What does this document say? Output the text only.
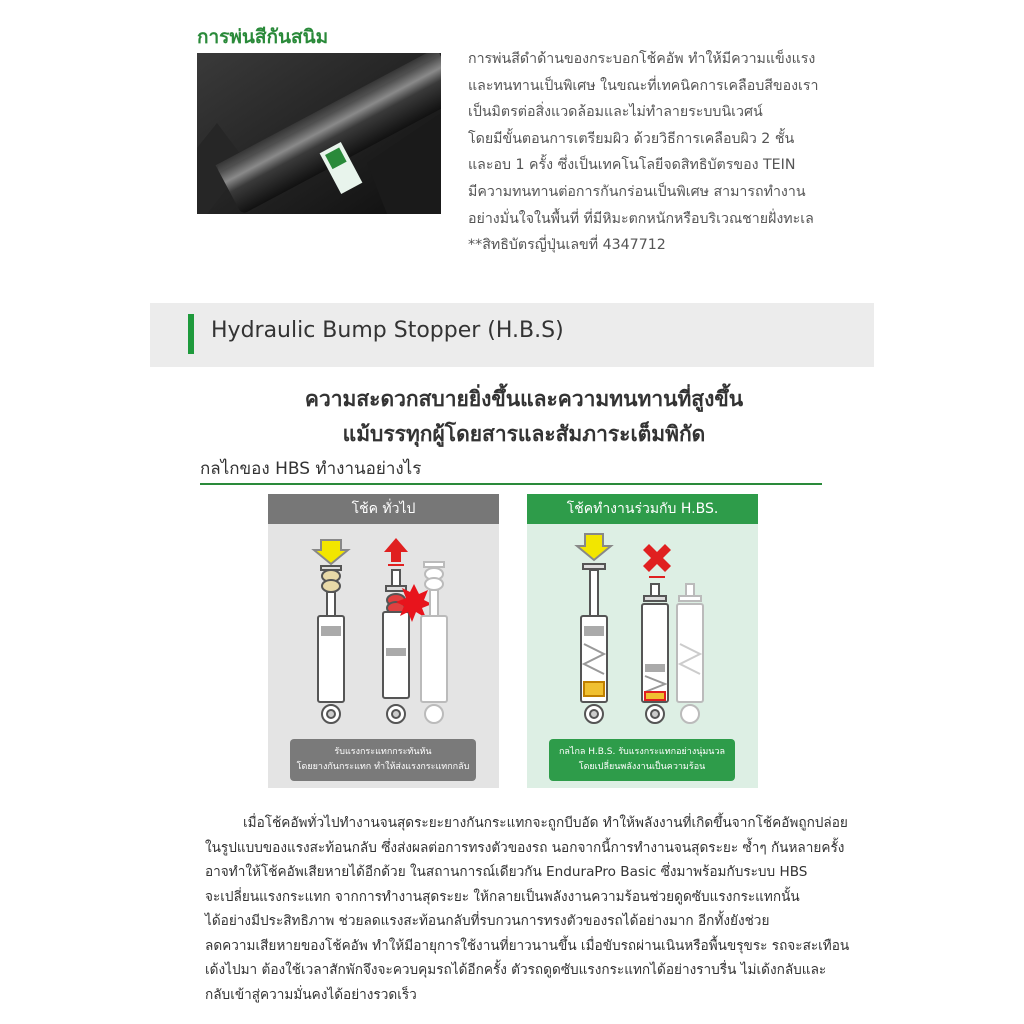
การพ่นสีกันสนิม
การพ่นสีดำด้านของกระบอกโช้คอัพ ทำให้มีความแข็งแรง
และทนทานเป็นพิเศษ ในขณะที่เทคนิคการเคลือบสีของเรา
เป็นมิตรต่อสิ่งแวดล้อมและไม่ทำลายระบบนิเวศน์
โดยมีขั้นตอนการเตรียมผิว ด้วยวิธีการเคลือบผิว 2 ชั้น
และอบ 1 ครั้ง ซึ่งเป็นเทคโนโลยีจดสิทธิบัตรของ TEIN
มีความทนทานต่อการกันกร่อนเป็นพิเศษ สามารถทำงาน
อย่างมั่นใจในพื้นที่ ที่มีหิมะตกหนักหรือบริเวณชายฝั่งทะเล
**สิทธิบัตรญี่ปุ่นเลขที่ 4347712
Hydraulic Bump Stopper (H.B.S)
ความสะดวกสบายยิ่งขึ้นและความทนทานที่สูงขึ้น
แม้บรรทุกผู้โดยสารและสัมภาระเต็มพิกัด
กลไกของ HBS ทำงานอย่างไร
โช้ค ทั่วไป
รับแรงกระแทกกระทันหัน
โดยยางกันกระแทก ทำให้ส่งแรงกระแทกกลับ
โช้คทำงานร่วมกับ H.BS.
กลไกล H.B.S. รับแรงกระแทกอย่างนุ่มนวล
โดยเปลี่ยนพลังงานเป็นความร้อน
เมื่อโช้คอัพทั่วไปทำงานจนสุดระยะยางกันกระแทกจะถูกบีบอัด ทำให้พลังงานที่เกิดขึ้นจากโช้คอัพถูกปล่อย
ในรูปแบบของแรงสะท้อนกลับ ซึ่งส่งผลต่อการทรงตัวของรถ นอกจากนี้การทำงานจนสุดระยะ ซ้ำๆ กันหลายครั้ง
อาจทำให้โช้คอัพเสียหายได้อีกด้วย ในสถานการณ์เดียวกัน EnduraPro Basic ซึ่งมาพร้อมกับระบบ HBS
จะเปลี่ยนแรงกระแทก จากการทำงานสุดระยะ ให้กลายเป็นพลังงานความร้อนช่วยดูดซับแรงกระแทกนั้น
ได้อย่างมีประสิทธิภาพ ช่วยลดแรงสะท้อนกลับที่รบกวนการทรงตัวของรถได้อย่างมาก อีกทั้งยังช่วย
ลดความเสียหายของโช้คอัพ ทำให้มีอายุการใช้งานที่ยาวนานขึ้น เมื่อขับรถผ่านเนินหรือพื้นขรุขระ รถจะสะเทือน
เด้งไปมา ต้องใช้เวลาสักพักจึงจะควบคุมรถได้อีกครั้ง ตัวรถดูดซับแรงกระแทกได้อย่างราบรื่น ไม่เด้งกลับและ
กลับเข้าสู่ความมั่นคงได้อย่างรวดเร็ว
